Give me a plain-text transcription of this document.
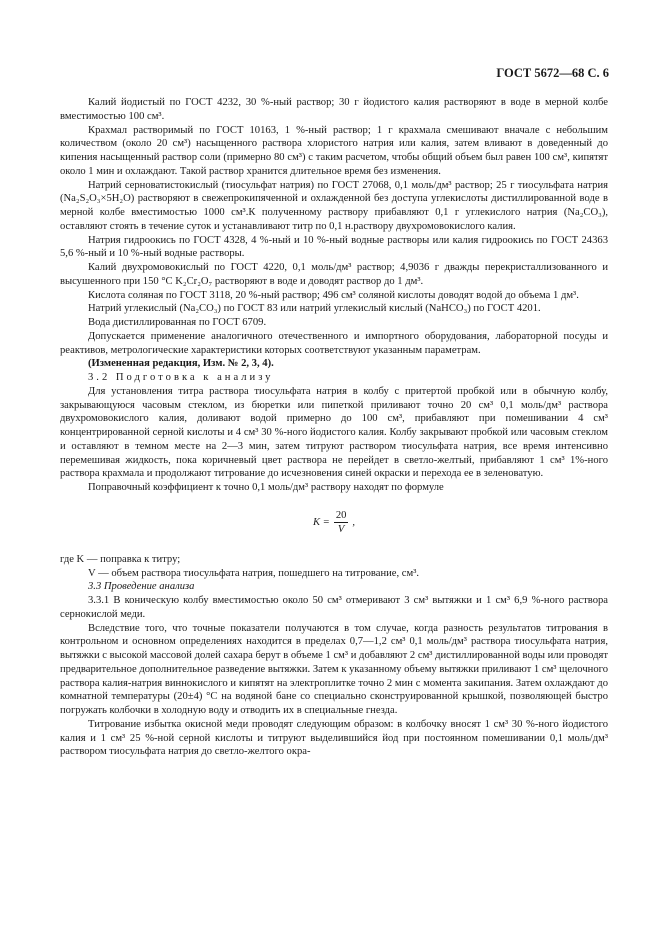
ГОСТ 5672—68 С. 6

Калий йодистый по ГОСТ 4232, 30 %-ный раствор; 30 г йодистого калия растворяют в воде в мерной колбе вместимостью 100 см³.

Крахмал растворимый по ГОСТ 10163, 1 %-ный раствор; 1 г крахмала смешивают вначале с небольшим количеством (около 20 см³) насыщенного раствора хлористого натрия или калия, затем вливают в доведенный до кипения насыщенный раствор соли (примерно 80 см³) с таким расчетом, чтобы общий объем был равен 100 см³, кипятят около 1 мин и охлаждают. Такой раствор хранится длительное время без изменения.

Натрий серноватистокислый (тиосульфат натрия) по ГОСТ 27068, 0,1 моль/дм³ раствор; 25 г тиосульфата натрия (Na₂S₂O₃×5H₂O) растворяют в свежепрокипяченной и охлажденной без доступа углекислоты дистиллированной воде в мерной колбе вместимостью 1000 см³.К полученному раствору прибавляют 0,1 г углекислого натрия (Na₂CO₃), оставляют стоять в течение суток и устанавливают титр по 0,1 н.раствору двухромовокислого калия.

Натрия гидроокись по ГОСТ 4328, 4 %-ный и 10 %-ный водные растворы или калия гидроокись по ГОСТ 24363 5,6 %-ный и 10 %-ный водные растворы.

Калий двухромовокислый по ГОСТ 4220, 0,1 моль/дм³ раствор; 4,9036 г дважды перекристаллизованного и высушенного при 150 °С K₂Cr₂O₇ растворяют в воде и доводят раствор до 1 дм³.

Кислота соляная по ГОСТ 3118, 20 %-ный раствор; 496 см³ соляной кислоты доводят водой до объема 1 дм³.

Натрий углекислый (Na₂CO₃) по ГОСТ 83 или натрий углекислый кислый (NaHCO₃) по ГОСТ 4201.

Вода дистиллированная по ГОСТ 6709.

Допускается применение аналогичного отечественного и импортного оборудования, лабораторной посуды и реактивов, метрологические характеристики которых соответствуют указанным параметрам.

(Измененная редакция, Изм. № 2, 3, 4).

3.2 Подготовка к анализу

Для установления титра раствора тиосульфата натрия в колбу с притертой пробкой или в обычную колбу, закрывающуюся часовым стеклом, из бюретки или пипеткой приливают точно 20 см³ 0,1 моль/дм³ раствора двухромовокислого калия, доливают водой примерно до 100 см³, прибавляют при помешивании 4 см³ концентрированной серной кислоты и 4 см³ 30 %-ного йодистого калия. Колбу закрывают пробкой или часовым стеклом и оставляют в темном месте на 2—3 мин, затем титруют раствором тиосульфата натрия, все время интенсивно перемешивая жидкость, пока коричневый цвет раствора не перейдет в светло-желтый, прибавляют 1 см³ 1%-ного раствора крахмала и продолжают титрование до исчезновения синей окраски и перехода ее в зеленоватую.

Поправочный коэффициент к точно 0,1 моль/дм³ раствору находят по формуле

$K = \frac{20}{V}$ ,

где K — поправка к титру;

V — объем раствора тиосульфата натрия, пошедшего на титрование, см³.

3.3 Проведение анализа

3.3.1 В коническую колбу вместимостью около 50 см³ отмеривают 3 см³ вытяжки и 1 см³ 6,9 %-ного раствора сернокислой меди.

Вследствие того, что точные показатели получаются в том случае, когда разность результатов титрования в контрольном и основном определениях находится в пределах 0,7—1,2 см³ 0,1 моль/дм³ раствора тиосульфата натрия, вытяжки с высокой массовой долей сахара берут в объеме 1 см³ и добавляют 2 см³ дистиллированной воды или проводят предварительное дополнительное разведение вытяжки. Затем к указанному объему вытяжки приливают 1 см³ щелочного раствора калия-натрия виннокислого и кипятят на электроплитке точно 2 мин с момента закипания. Затем охлаждают до комнатной температуры (20±4) °С на водяной бане со специально сконструированной крышкой, позволяющей быстро погружать колбочки в холодную воду и отводить их в специальные гнезда.

Титрование избытка окисной меди проводят следующим образом: в колбочку вносят 1 см³ 30 %-ного йодистого калия и 1 см³ 25 %-ной серной кислоты и титруют выделившийся йод при постоянном помешивании 0,1 моль/дм³ раствором тиосульфата натрия до светло-желтого окра-
